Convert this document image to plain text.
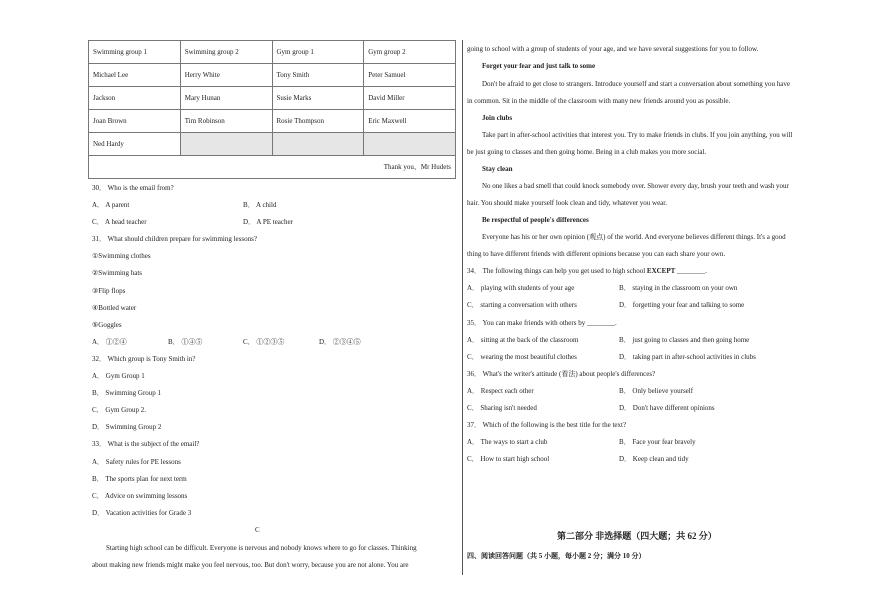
Swimming group 1	Swimming group 2	Gym group 1	Gym group 2
Michael Lee	Herry White	Tony Smith	Peter Samuel
Jackson	Mary Hunan	Susie Marks	David Miller
Joan Brown	Tim Robinson	Rosie Thompson	Eric Maxwell
Ned Hardy			
Thank you、Mr Hudets			
30． Who is the email from?
A． A parent	B． A child
C． A head teacher	D． A PE teacher
31． What should children prepare for swimming lessons?
①Swimming clothes
②Swimming hats
③Flip flops
④Bottled water
⑤Goggles
A． ①②④	B． ①④⑤	C． ①②③⑤	D． ②③④⑤
32． Which group is Tony Smith in?
A． Gym Group 1
B． Swimming Group 1
C． Gym Group 2.
D． Swimming Group 2
33． What is the subject of the email?
A． Safety rules for PE lessons
B． The sports plan for next term
C． Advice on swimming lessons
D． Vacation activities for Grade 3
C
Starting high school can be difficult. Everyone is nervous and nobody knows where to go for classes. Thinking
about making new friends might make you feel nervous, too. But don't worry, because you are not alone. You are
going to school with a group of students of your age, and we have several suggestions for you to follow.
Forget your fear and just talk to some
Don't be afraid to get close to strangers. Introduce yourself and start a conversation about something you have
in common. Sit in the middle of the classroom with many new friends around you as possible.
Join clubs
Take part in after-school activities that interest you. Try to make friends in clubs. If you join anything, you will
be just going to classes and then going home. Being in a club makes you more social.
Stay clean
No one likes a bad smell that could knock somebody over. Shower every day, brush your teeth and wash your
hair. You should make yourself look clean and tidy, whatever you wear.
Be respectful of people's differences
Everyone has his or her own opinion (观点) of the world. And everyone believes different things. It's a good
thing to have different friends with different opinions because you can each share your own.
34． The following things can help you get used to high school EXCEPT ________.
A． playing with students of your age	B． staying in the classroom on your own
C． starting a conversation with others	D． forgetting your fear and talking to some
35． You can make friends with others by ________.
A． sitting at the back of the classroom	B． just going to classes and then going home
C． wearing the most beautiful clothes	D． taking part in after-school activities in clubs
36． What's the writer's attitude (看法) about people's differences?
A． Respect each other	B． Only believe yourself
C． Sharing isn't needed	D． Don't have different opinions
37． Which of the following is the best title for the text?
A． The ways to start a club	B． Face your fear bravely
C． How to start high school	D． Keep clean and tidy
第二部分 非选择题（四大题；共 62 分）
四、阅读回答问题（共 5 小题，每小题 2 分；满分 10 分）
